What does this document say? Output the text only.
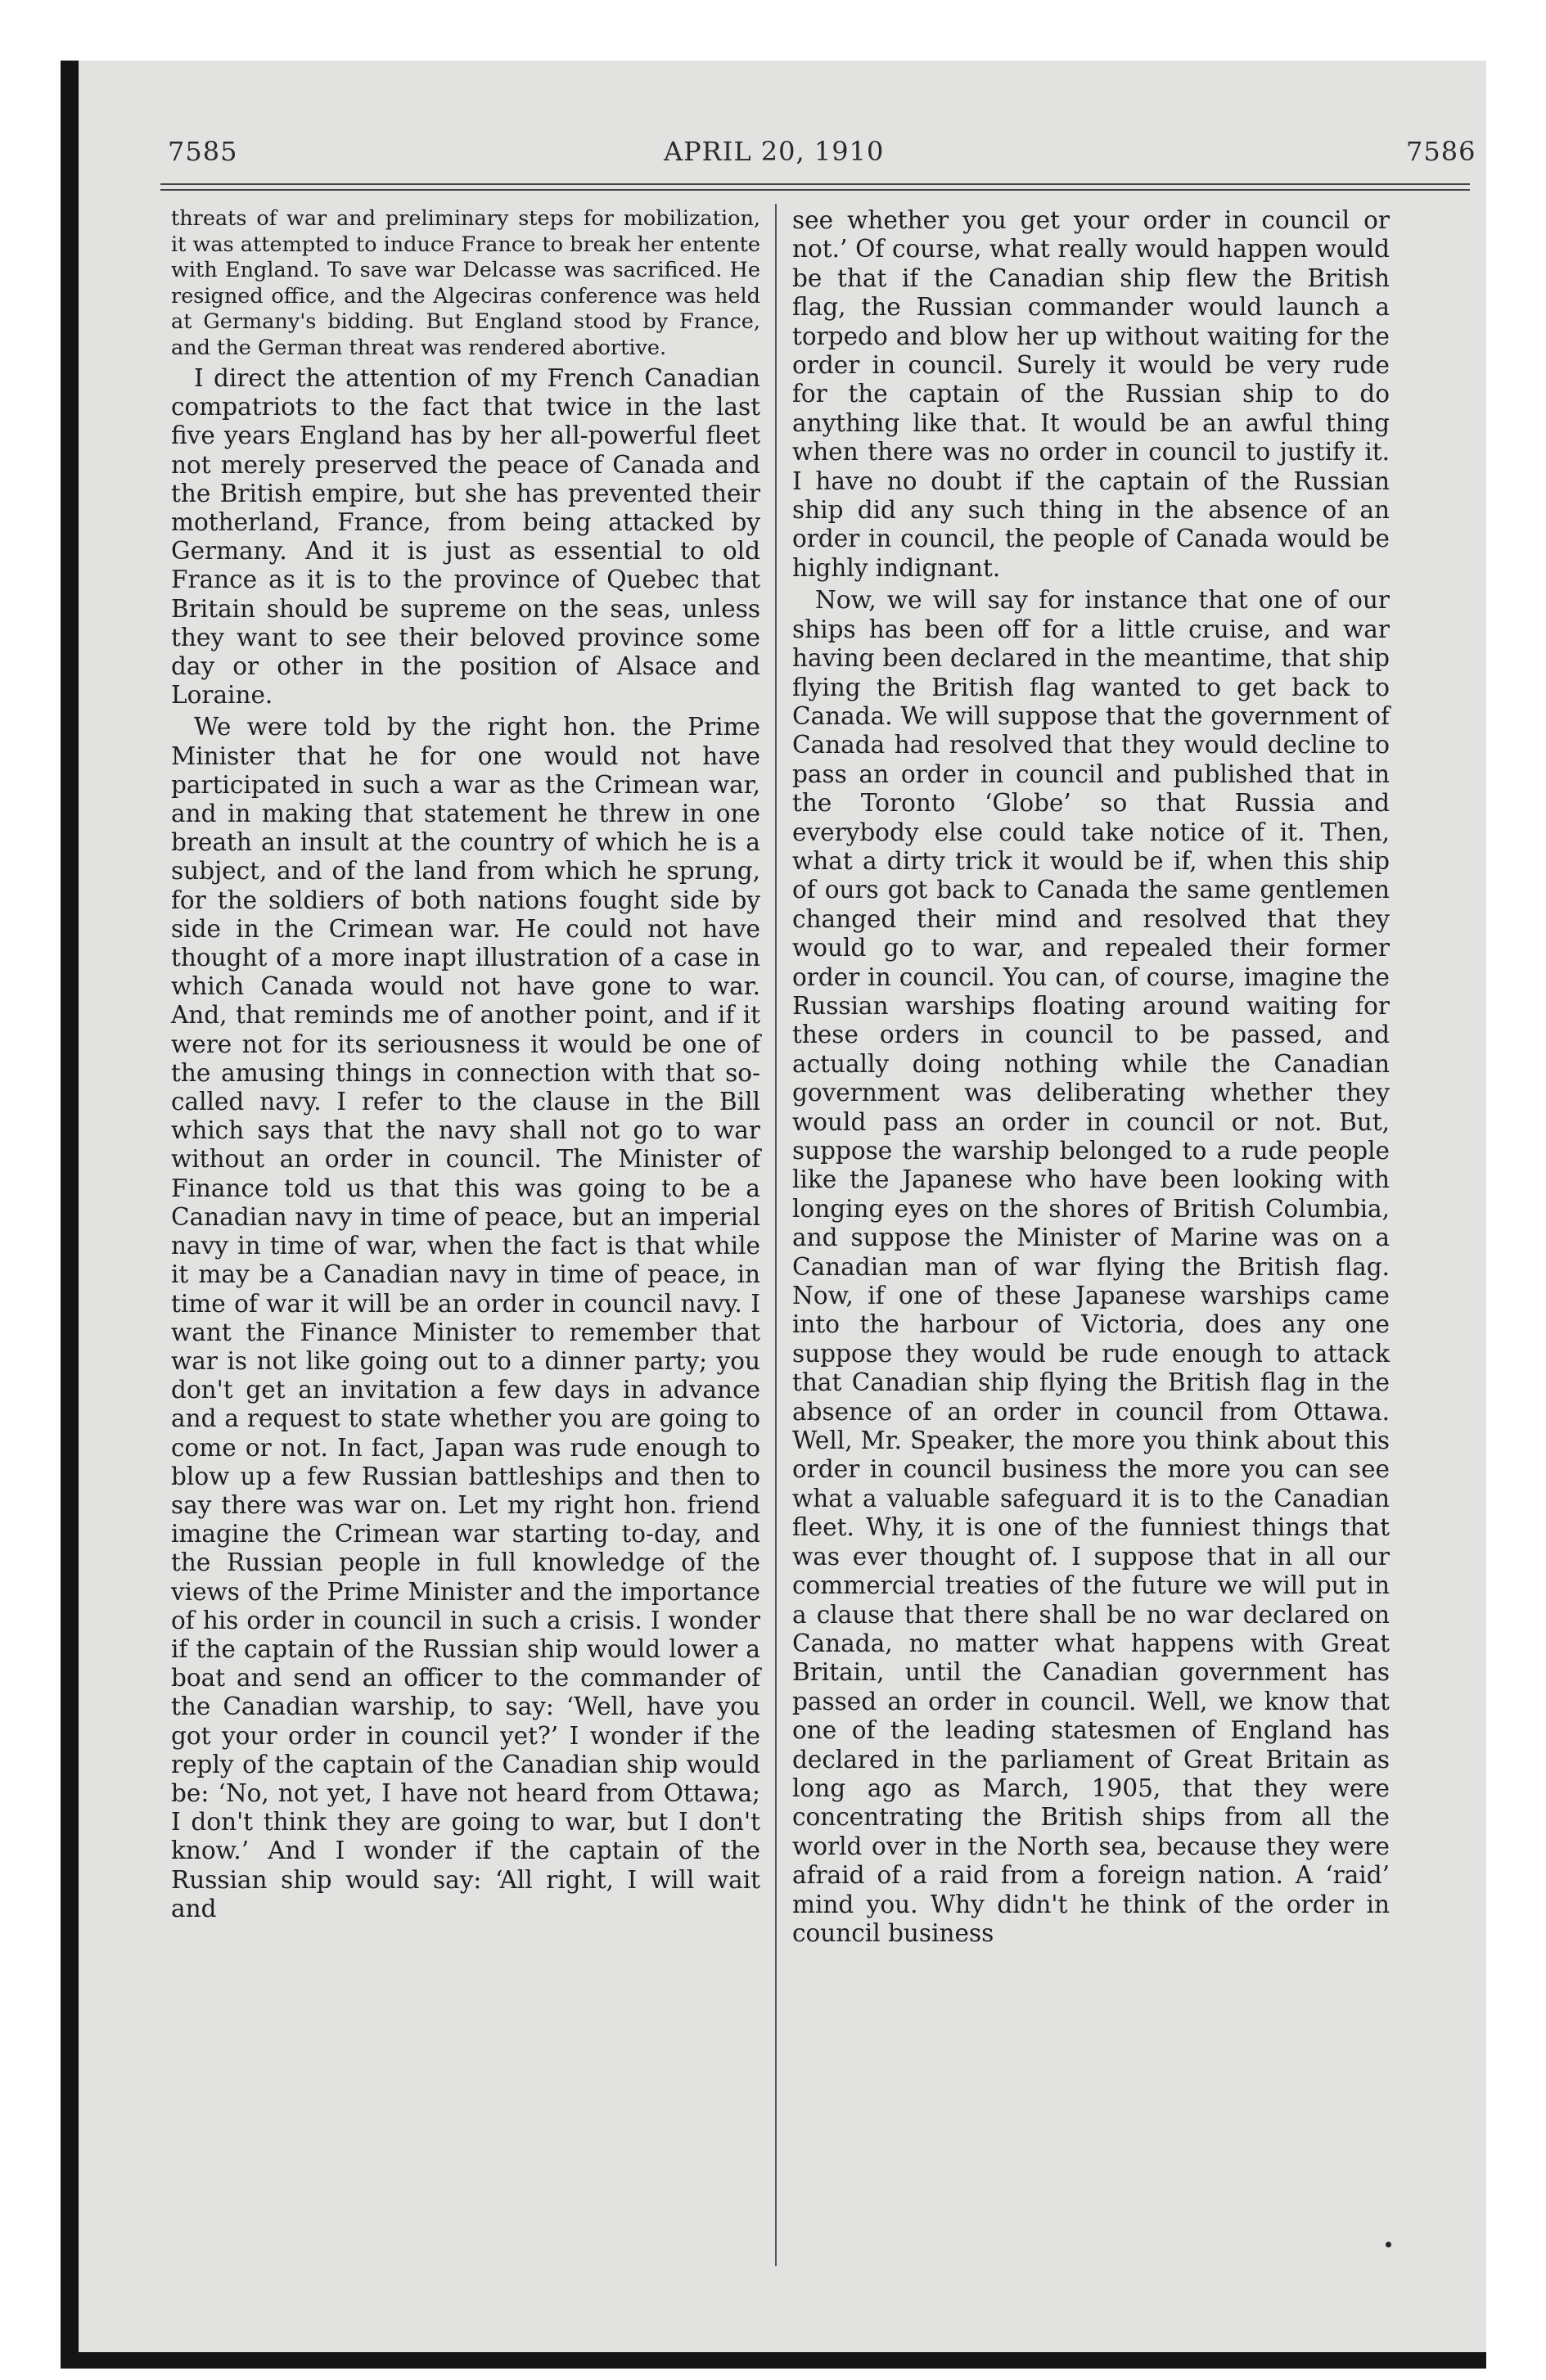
7585	APRIL 20, 1910	7586

threats of war and preliminary steps for mobilization, it was attempted to induce France to break her entente with England. To save war Delcasse was sacrificed. He resigned office, and the Algeciras conference was held at Germany's bidding. But England stood by France, and the German threat was rendered abortive.

I direct the attention of my French Canadian compatriots to the fact that twice in the last five years England has by her all-powerful fleet not merely preserved the peace of Canada and the British empire, but she has prevented their motherland, France, from being attacked by Germany. And it is just as essential to old France as it is to the province of Quebec that Britain should be supreme on the seas, unless they want to see their beloved province some day or other in the position of Alsace and Loraine.

We were told by the right hon. the Prime Minister that he for one would not have participated in such a war as the Crimean war, and in making that statement he threw in one breath an insult at the country of which he is a subject, and of the land from which he sprung, for the soldiers of both nations fought side by side in the Crimean war. He could not have thought of a more inapt illustration of a case in which Canada would not have gone to war. And, that reminds me of another point, and if it were not for its seriousness it would be one of the amusing things in connection with that so-called navy. I refer to the clause in the Bill which says that the navy shall not go to war without an order in council. The Minister of Finance told us that this was going to be a Canadian navy in time of peace, but an imperial navy in time of war, when the fact is that while it may be a Canadian navy in time of peace, in time of war it will be an order in council navy. I want the Finance Minister to remember that war is not like going out to a dinner party; you don't get an invitation a few days in advance and a request to state whether you are going to come or not. In fact, Japan was rude enough to blow up a few Russian battleships and then to say there was war on. Let my right hon. friend imagine the Crimean war starting to-day, and the Russian people in full knowledge of the views of the Prime Minister and the importance of his order in council in such a crisis. I wonder if the captain of the Russian ship would lower a boat and send an officer to the commander of the Canadian warship, to say: ‘Well, have you got your order in council yet?’ I wonder if the reply of the captain of the Canadian ship would be: ‘No, not yet, I have not heard from Ottawa; I don't think they are going to war, but I don't know.’ And I wonder if the captain of the Russian ship would say: ‘All right, I will wait and

see whether you get your order in council or not.’ Of course, what really would happen would be that if the Canadian ship flew the British flag, the Russian commander would launch a torpedo and blow her up without waiting for the order in council. Surely it would be very rude for the captain of the Russian ship to do anything like that. It would be an awful thing when there was no order in council to justify it. I have no doubt if the captain of the Russian ship did any such thing in the absence of an order in council, the people of Canada would be highly indignant.

Now, we will say for instance that one of our ships has been off for a little cruise, and war having been declared in the meantime, that ship flying the British flag wanted to get back to Canada. We will suppose that the government of Canada had resolved that they would decline to pass an order in council and published that in the Toronto ‘Globe’ so that Russia and everybody else could take notice of it. Then, what a dirty trick it would be if, when this ship of ours got back to Canada the same gentlemen changed their mind and resolved that they would go to war, and repealed their former order in council. You can, of course, imagine the Russian warships floating around waiting for these orders in council to be passed, and actually doing nothing while the Canadian government was deliberating whether they would pass an order in council or not. But, suppose the warship belonged to a rude people like the Japanese who have been looking with longing eyes on the shores of British Columbia, and suppose the Minister of Marine was on a Canadian man of war flying the British flag. Now, if one of these Japanese warships came into the harbour of Victoria, does any one suppose they would be rude enough to attack that Canadian ship flying the British flag in the absence of an order in council from Ottawa. Well, Mr. Speaker, the more you think about this order in council business the more you can see what a valuable safeguard it is to the Canadian fleet. Why, it is one of the funniest things that was ever thought of. I suppose that in all our commercial treaties of the future we will put in a clause that there shall be no war declared on Canada, no matter what happens with Great Britain, until the Canadian government has passed an order in council. Well, we know that one of the leading statesmen of England has declared in the parliament of Great Britain as long ago as March, 1905, that they were concentrating the British ships from all the world over in the North sea, because they were afraid of a raid from a foreign nation. A ‘raid’ mind you. Why didn't he think of the order in council business
